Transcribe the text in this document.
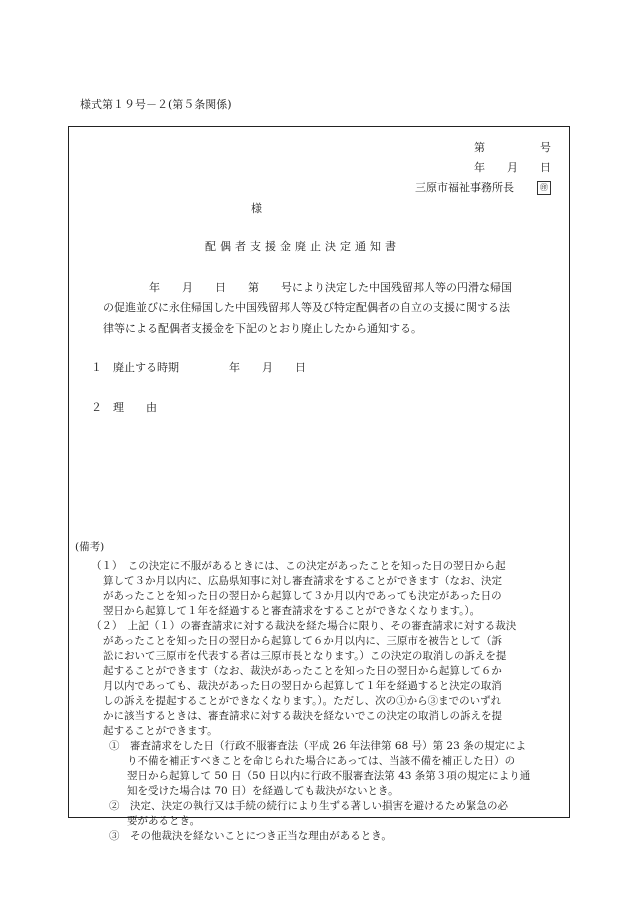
様式第１９号－２(第５条関係)
第　　　　　号
年　　月　　日
三原市福祉事務所長	㊞
様
配偶者支援金廃止決定通知書
年　　月　　日　　第　　号により決定した中国残留邦人等の円滑な帰国
の促進並びに永住帰国した中国残留邦人等及び特定配偶者の自立の支援に関する法
律等による配偶者支援金を下記のとおり廃止したから通知する。
１　廃止する時期	年　　月　　日
２　理　　由
(備考)
（１）　この決定に不服があるときには、この決定があったことを知った日の翌日から起
算して３か月以内に、広島県知事に対し審査請求をすることができます（なお、決定
があったことを知った日の翌日から起算して３か月以内であっても決定があった日の
翌日から起算して１年を経過すると審査請求をすることができなくなります。）。
（２）　上記（１）の審査請求に対する裁決を経た場合に限り、その審査請求に対する裁決
があったことを知った日の翌日から起算して６か月以内に、三原市を被告として（訴
訟において三原市を代表する者は三原市長となります。）この決定の取消しの訴えを提
起することができます（なお、裁決があったことを知った日の翌日から起算して６か
月以内であっても、裁決があった日の翌日から起算して１年を経過すると決定の取消
しの訴えを提起することができなくなります。）。ただし、次の①から③までのいずれ
かに該当するときは、審査請求に対する裁決を経ないでこの決定の取消しの訴えを提
起することができます。
①　審査請求をした日（行政不服審査法（平成 26 年法律第 68 号）第 23 条の規定によ
り不備を補正すべきことを命じられた場合にあっては、当該不備を補正した日）の
翌日から起算して 50 日（50 日以内に行政不服審査法第 43 条第３項の規定により通
知を受けた場合は 70 日）を経過しても裁決がないとき。
②　決定、決定の執行又は手続の続行により生ずる著しい損害を避けるため緊急の必
要があるとき。
③　その他裁決を経ないことにつき正当な理由があるとき。
